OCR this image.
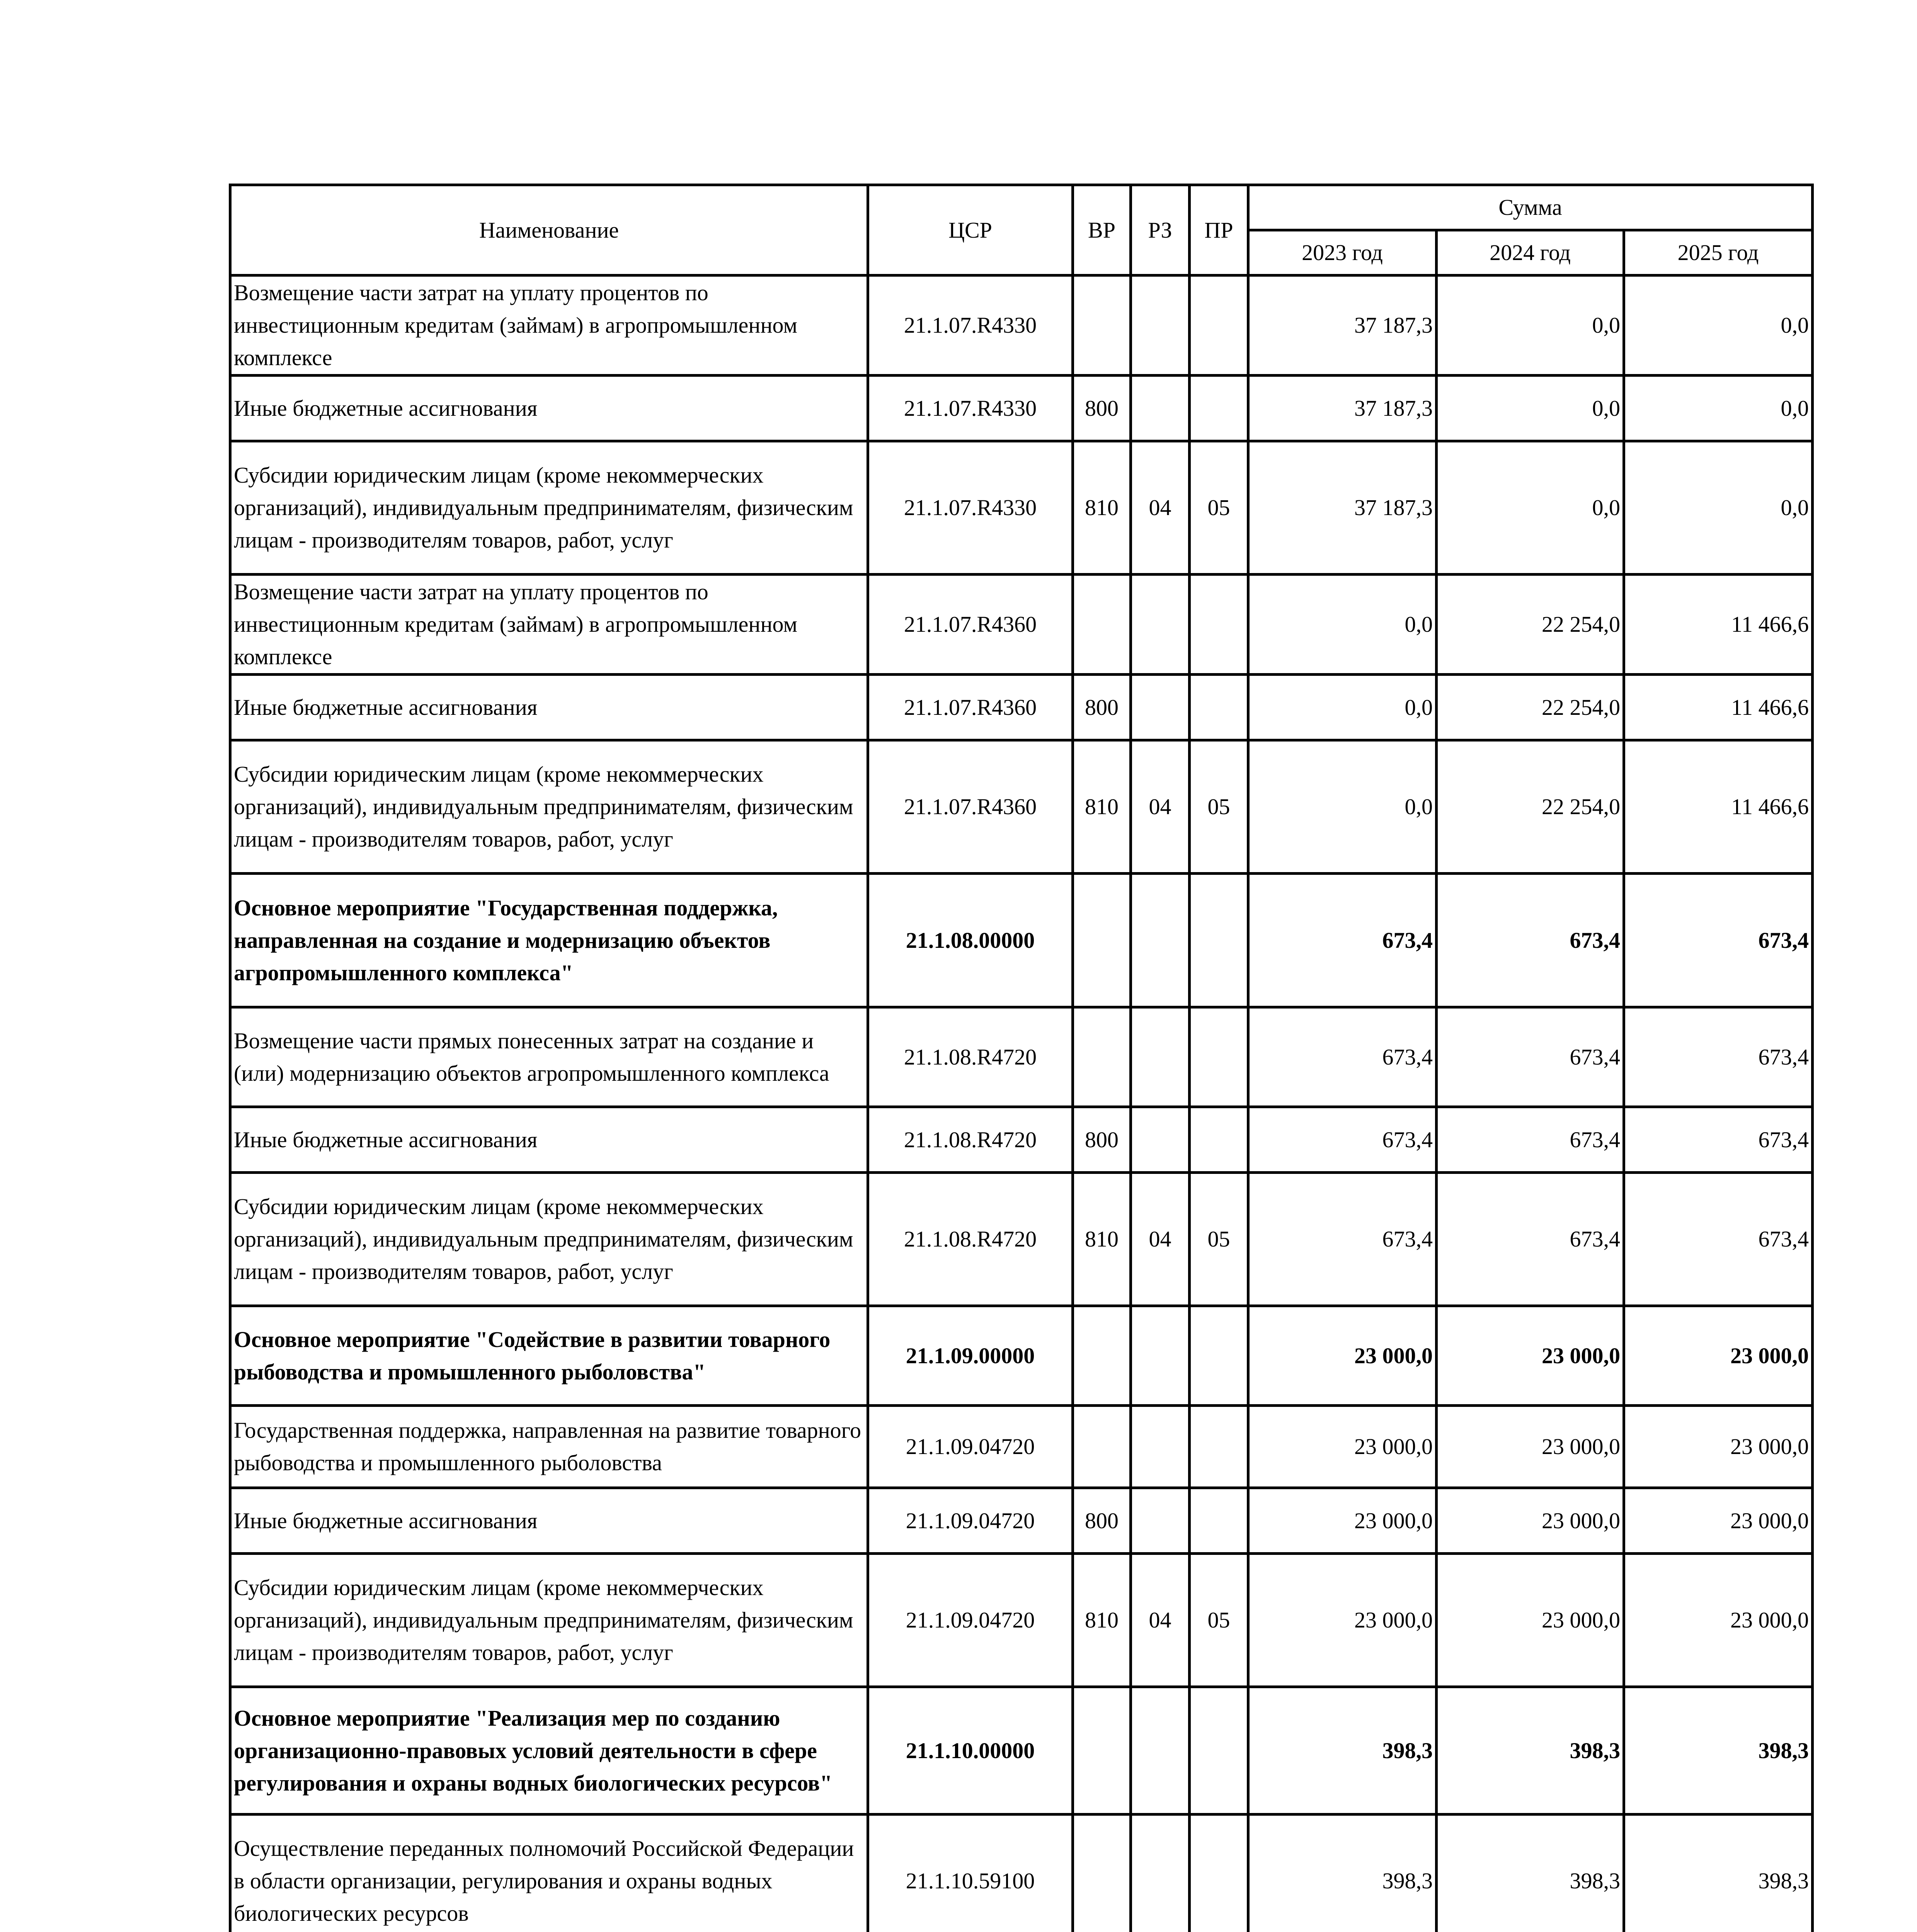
Наименование	ЦСР	ВР	РЗ	ПР	Сумма		
					2023 год	2024 год	2025 год
Возмещение части затрат на уплату процентов по инвестиционным кредитам (займам) в агропромышленном комплексе	21.1.07.R4330				37 187,3	0,0	0,0
Иные бюджетные ассигнования	21.1.07.R4330	800			37 187,3	0,0	0,0
Субсидии юридическим лицам (кроме некоммерческих организаций), индивидуальным предпринимателям, физическим лицам - производителям товаров, работ, услуг	21.1.07.R4330	810	04	05	37 187,3	0,0	0,0
Возмещение части затрат на уплату процентов по инвестиционным кредитам (займам) в агропромышленном комплексе	21.1.07.R4360				0,0	22 254,0	11 466,6
Иные бюджетные ассигнования	21.1.07.R4360	800			0,0	22 254,0	11 466,6
Субсидии юридическим лицам (кроме некоммерческих организаций), индивидуальным предпринимателям, физическим лицам - производителям товаров, работ, услуг	21.1.07.R4360	810	04	05	0,0	22 254,0	11 466,6
Основное мероприятие "Государственная поддержка, направленная на создание и модернизацию объектов агропромышленного комплекса"	21.1.08.00000				673,4	673,4	673,4
Возмещение части прямых понесенных затрат на создание и (или) модернизацию объектов агропромышленного комплекса	21.1.08.R4720				673,4	673,4	673,4
Иные бюджетные ассигнования	21.1.08.R4720	800			673,4	673,4	673,4
Субсидии юридическим лицам (кроме некоммерческих организаций), индивидуальным предпринимателям, физическим лицам - производителям товаров, работ, услуг	21.1.08.R4720	810	04	05	673,4	673,4	673,4
Основное мероприятие "Содействие в развитии товарного рыбоводства и промышленного рыболовства"	21.1.09.00000				23 000,0	23 000,0	23 000,0
Государственная поддержка, направленная на развитие товарного рыбоводства и промышленного рыболовства	21.1.09.04720				23 000,0	23 000,0	23 000,0
Иные бюджетные ассигнования	21.1.09.04720	800			23 000,0	23 000,0	23 000,0
Субсидии юридическим лицам (кроме некоммерческих организаций), индивидуальным предпринимателям, физическим лицам - производителям товаров, работ, услуг	21.1.09.04720	810	04	05	23 000,0	23 000,0	23 000,0
Основное мероприятие "Реализация мер по созданию организационно-правовых условий деятельности в сфере регулирования и охраны водных биологических ресурсов"	21.1.10.00000				398,3	398,3	398,3
Осуществление переданных полномочий Российской Федерации в области организации, регулирования и охраны водных биологических ресурсов	21.1.10.59100				398,3	398,3	398,3
